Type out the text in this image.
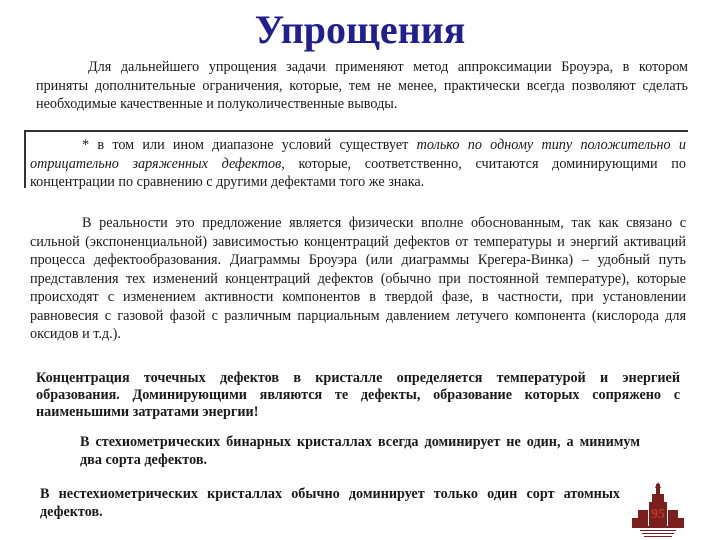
Упрощения

Для дальнейшего упрощения задачи применяют метод аппроксимации Броуэра, в котором приняты дополнительные ограничения, которые, тем не менее, практически всегда позволяют сделать необходимые качественные и полуколичественные выводы.

* в том или ином диапазоне условий существует только по одному типу положительно и отрицательно заряженных дефектов, которые, соответственно, считаются доминирующими по концентрации по сравнению с другими дефектами того же знака.

В реальности это предложение является физически вполне обоснованным, так как связано с сильной (экспоненциальной) зависимостью концентраций дефектов от температуры и энергий активаций процесса дефектообразования. Диаграммы Броуэра (или диаграммы Крегера-Винка) – удобный путь представления тех изменений концентраций дефектов (обычно при постоянной температуре), которые происходят с изменением активности компонентов в твердой фазе, в частности, при установлении равновесия с газовой фазой с различным парциальным давлением летучего компонента (кислорода для оксидов и т.д.).

Концентрация точечных дефектов в кристалле определяется температурой и энергией образования. Доминирующими являются те дефекты, образование которых сопряжено с наименьшими затратами энергии!

В стехиометрических бинарных кристаллах всегда доминирует не один, а минимум два сорта дефектов.

В нестехиометрических кристаллах обычно доминирует только один сорт атомных дефектов.	95
